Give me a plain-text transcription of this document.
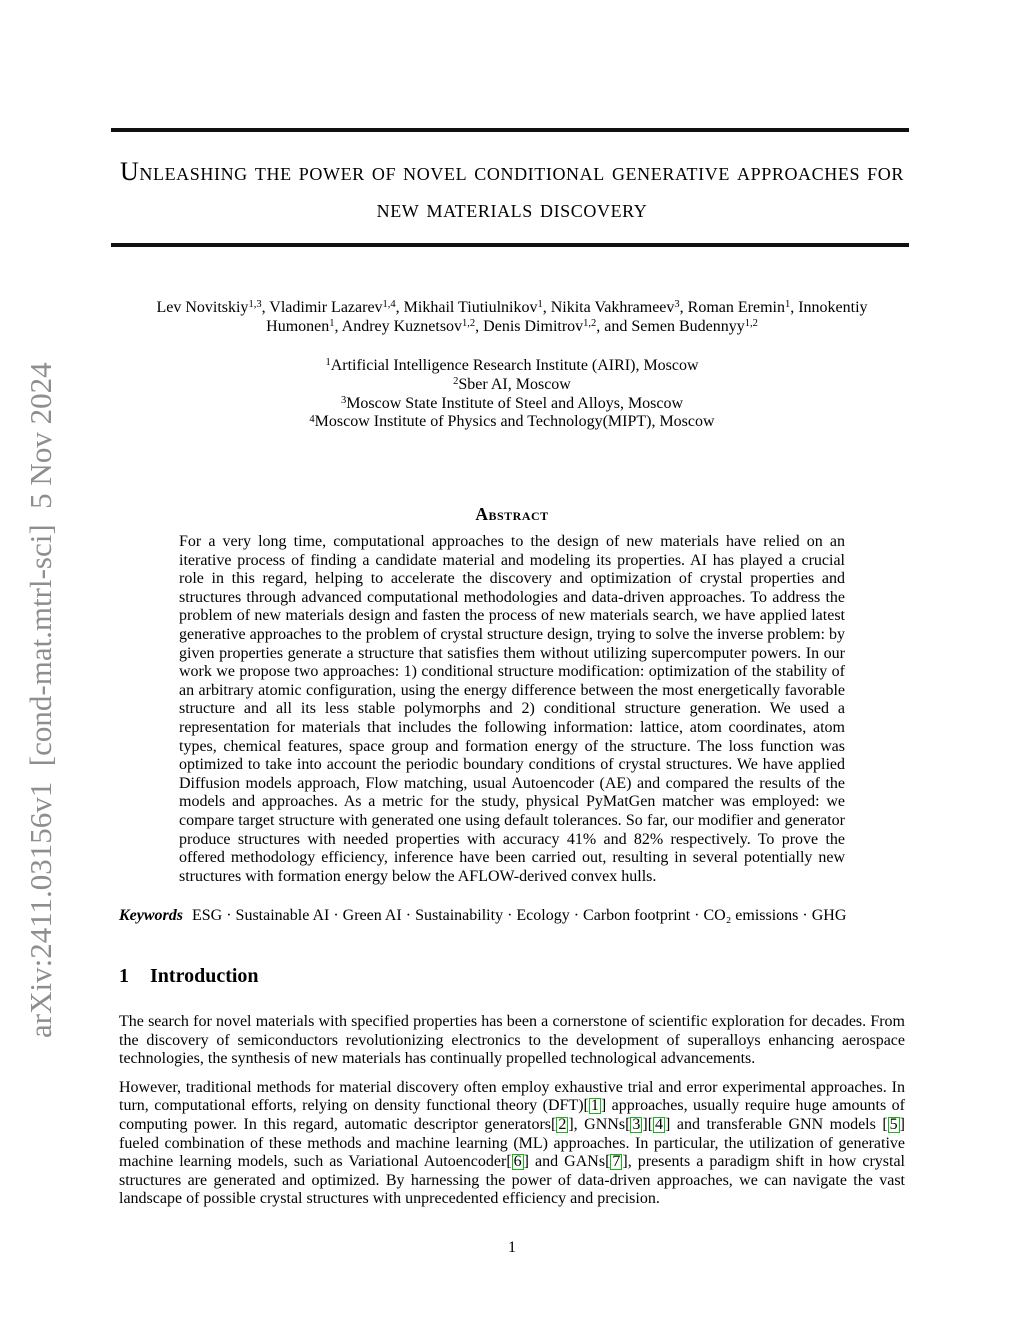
arXiv:2411.03156v1  [cond-mat.mtrl-sci]  5 Nov 2024
Unleashing the power of novel conditional generative approaches for new materials discovery

Lev Novitskiy$^{1,3}$, Vladimir Lazarev$^{1,4}$, Mikhail Tiutiulnikov$^1$, Nikita Vakhrameev$^3$, Roman Eremin$^1$, Innokentiy Humonen$^1$, Andrey Kuznetsov$^{1,2}$, Denis Dimitrov$^{1,2}$, and Semen Budennyy$^{1,2}$

$^1$Artificial Intelligence Research Institute (AIRI), Moscow
$^2$Sber AI, Moscow
$^3$Moscow State Institute of Steel and Alloys, Moscow
$^4$Moscow Institute of Physics and Technology(MIPT), Moscow
Abstract

For a very long time, computational approaches to the design of new materials have relied on an iterative process of finding a candidate material and modeling its properties. AI has played a crucial role in this regard, helping to accelerate the discovery and optimization of crystal properties and structures through advanced computational methodologies and data-driven approaches. To address the problem of new materials design and fasten the process of new materials search, we have applied latest generative approaches to the problem of crystal structure design, trying to solve the inverse problem: by given properties generate a structure that satisfies them without utilizing supercomputer powers. In our work we propose two approaches: 1) conditional structure modification: optimization of the stability of an arbitrary atomic configuration, using the energy difference between the most energetically favorable structure and all its less stable polymorphs and 2) conditional structure generation. We used a representation for materials that includes the following information: lattice, atom coordinates, atom types, chemical features, space group and formation energy of the structure. The loss function was optimized to take into account the periodic boundary conditions of crystal structures. We have applied Diffusion models approach, Flow matching, usual Autoencoder (AE) and compared the results of the models and approaches. As a metric for the study, physical PyMatGen matcher was employed: we compare target structure with generated one using default tolerances. So far, our modifier and generator produce structures with needed properties with accuracy 41% and 82% respectively. To prove the offered methodology efficiency, inference have been carried out, resulting in several potentially new structures with formation energy below the AFLOW-derived convex hulls.

Keywords ESG · Sustainable AI · Green AI · Sustainability · Ecology · Carbon footprint · CO₂ emissions · GHG

1 Introduction

The search for novel materials with specified properties has been a cornerstone of scientific exploration for decades. From the discovery of semiconductors revolutionizing electronics to the development of superalloys enhancing aerospace technologies, the synthesis of new materials has continually propelled technological advancements.

However, traditional methods for material discovery often employ exhaustive trial and error experimental approaches. In turn, computational efforts, relying on density functional theory (DFT)[ 1 ] approaches, usually require huge amounts of computing power. In this regard, automatic descriptor generators[ 2 ], GNNs[ 3 ][ 4 ] and transferable GNN models [ 5 ] fueled combination of these methods and machine learning (ML) approaches. In particular, the utilization of generative machine learning models, such as Variational Autoencoder[ 6 ] and GANs[ 7 ], presents a paradigm shift in how crystal structures are generated and optimized. By harnessing the power of data-driven approaches, we can navigate the vast landscape of possible crystal structures with unprecedented efficiency and precision.

1
